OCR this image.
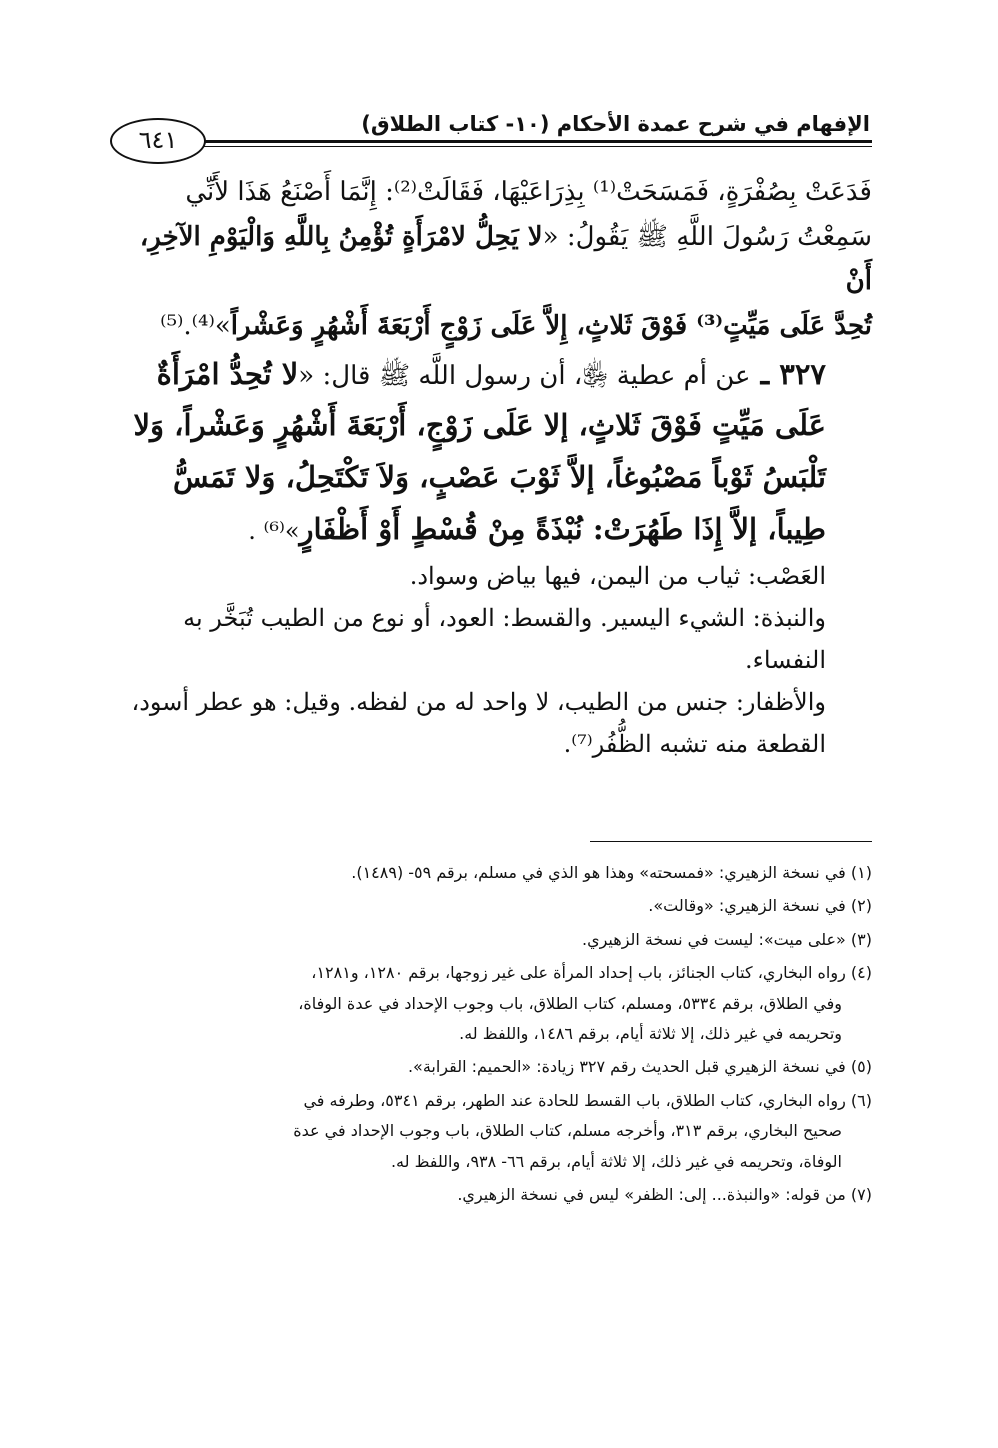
الإفهام في شرح عمدة الأحكام (١٠- كتاب الطلاق)
٦٤١

فَدَعَتْ بِصُفْرَةٍ، فَمَسَحَتْ⁽¹⁾ بِذِرَاعَيْهَا، فَقَالَتْ⁽²⁾: إِنَّمَا أَصْنَعُ هَذَا لأَنِّي

سَمِعْتُ رَسُولَ اللَّهِ ﷺ يَقُولُ: «لا يَحِلُّ لامْرَأَةٍ تُؤْمِنُ بِاللَّهِ وَالْيَوْمِ الآخِرِ، أَنْ

تُحِدَّ عَلَى مَيِّتٍ⁽³⁾ فَوْقَ ثَلاثٍ، إِلاَّ عَلَى زَوْجٍ أَرْبَعَةَ أَشْهُرٍ وَعَشْراً»⁽⁴⁾.⁽⁵⁾

٣٢٧ ـ عن أم عطية ﵂، أن رسول اللَّه ﷺ قال: «لا تُحِدُّ امْرَأَةٌ عَلَى مَيِّتٍ فَوْقَ ثَلاثٍ، إلا عَلَى زَوْجٍ، أَرْبَعَةَ أَشْهُرٍ وَعَشْراً، وَلا تَلْبَسُ ثَوْباً مَصْبُوغاً، إلاَّ ثَوْبَ عَصْبٍ، وَلاَ تَكْتَحِلُ، وَلا تَمَسُّ طِيباً، إلاَّ إِذَا طَهُرَتْ: نُبْذَةً مِنْ قُسْطٍ أَوْ أَظْفَارٍ»⁽⁶⁾ .

العَصْب: ثياب من اليمن، فيها بياض وسواد.

والنبذة: الشيء اليسير. والقسط: العود، أو نوع من الطيب تُبَخَّر به النفساء.

والأظفار: جنس من الطيب، لا واحد له من لفظه. وقيل: هو عطر أسود، القطعة منه تشبه الظُّفُر⁽⁷⁾.

(١) في نسخة الزهيري: «فمسحته» وهذا هو الذي في مسلم، برقم ٥٩- (١٤٨٩).

(٢) في نسخة الزهيري: «وقالت».

(٣) «على ميت»: ليست في نسخة الزهيري.

(٤) رواه البخاري، كتاب الجنائز، باب إحداد المرأة على غير زوجها، برقم ١٢٨٠، و١٢٨١،

وفي الطلاق، برقم ٥٣٣٤، ومسلم، كتاب الطلاق، باب وجوب الإحداد في عدة الوفاة،

وتحريمه في غير ذلك، إلا ثلاثة أيام، برقم ١٤٨٦، واللفظ له.

(٥) في نسخة الزهيري قبل الحديث رقم ٣٢٧ زيادة: «الحميم: القرابة».

(٦) رواه البخاري، كتاب الطلاق، باب القسط للحادة عند الطهر، برقم ٥٣٤١، وطرفه في

صحيح البخاري، برقم ٣١٣، وأخرجه مسلم، كتاب الطلاق، باب وجوب الإحداد في عدة

الوفاة، وتحريمه في غير ذلك، إلا ثلاثة أيام، برقم ٦٦- ٩٣٨، واللفظ له.

(٧) من قوله: «والنبذة... إلى: الظفر» ليس في نسخة الزهيري.
